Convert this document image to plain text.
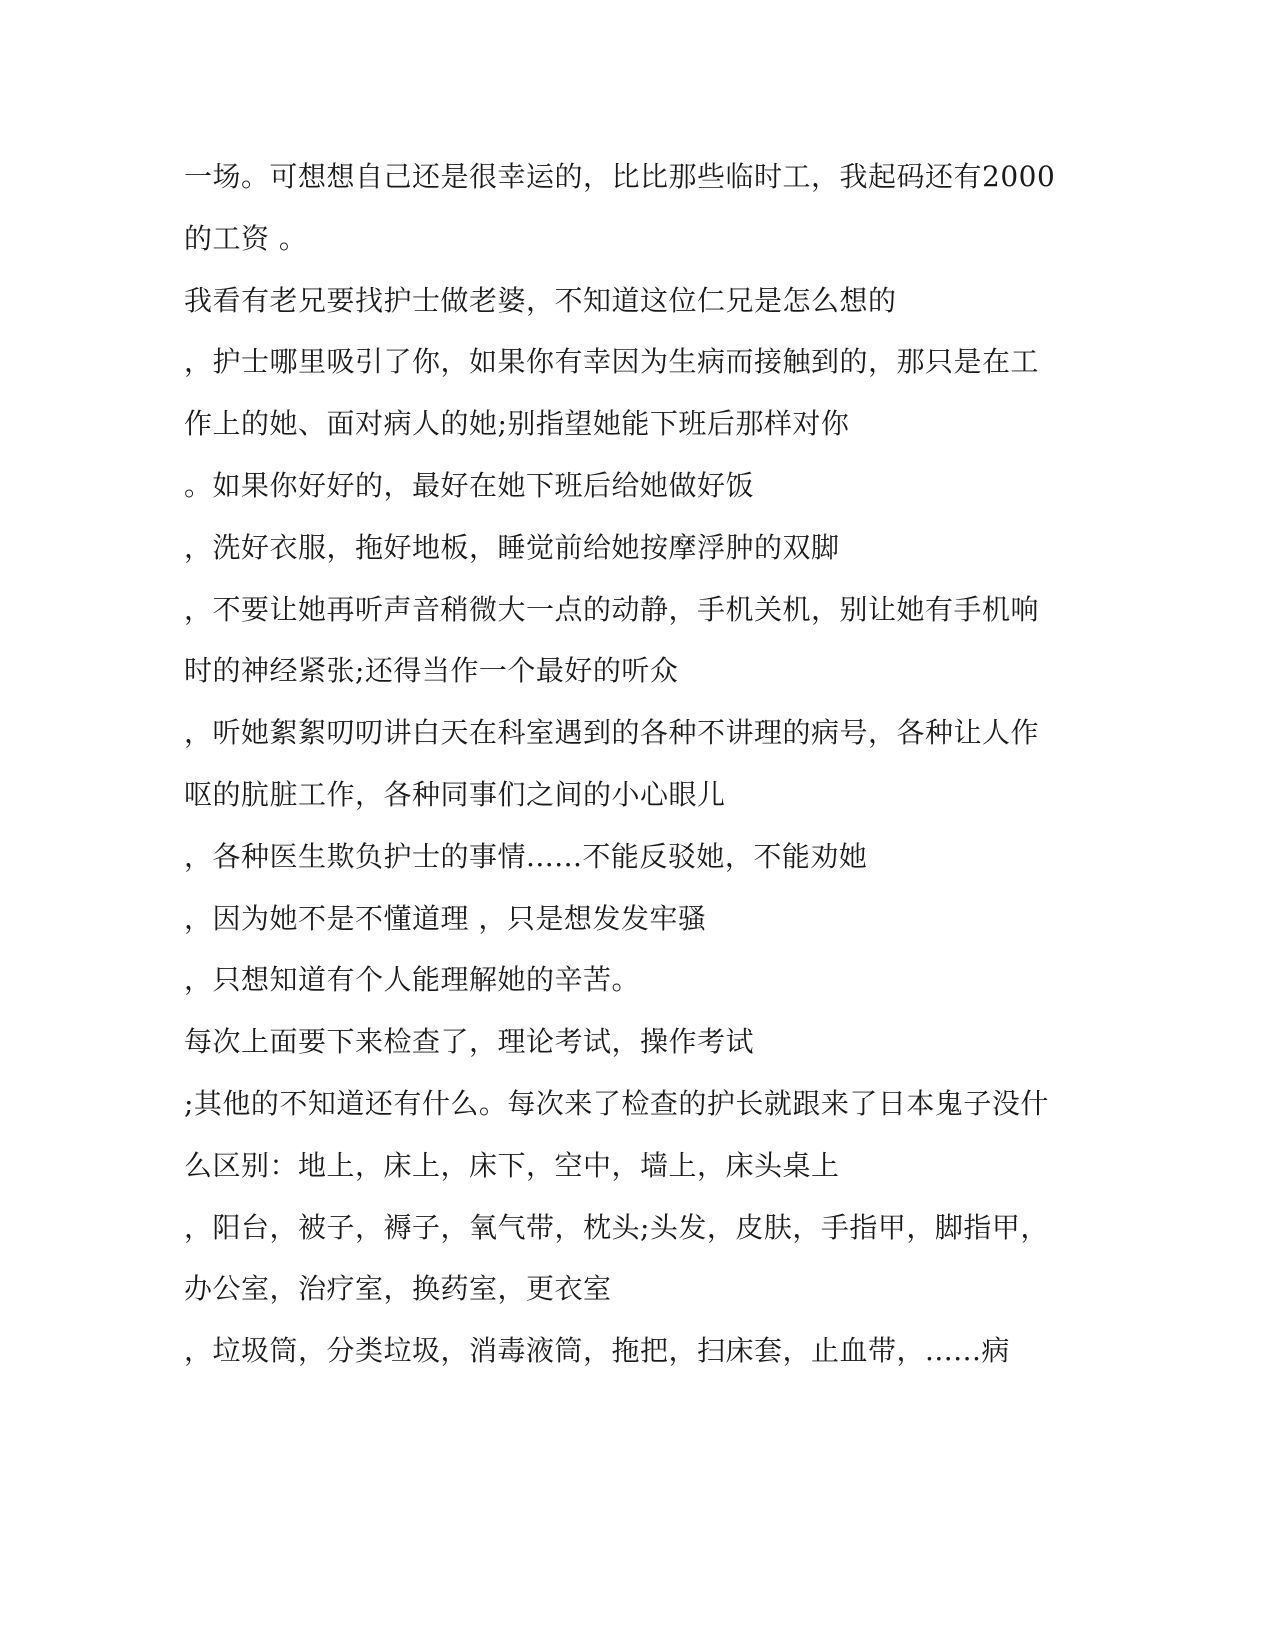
一场。可想想自己还是很幸运的，比比那些临时工，我起码还有2000
的工资 。
我看有老兄要找护士做老婆，不知道这位仁兄是怎么想的
，护士哪里吸引了你，如果你有幸因为生病而接触到的，那只是在工
作上的她、面对病人的她;别指望她能下班后那样对你
。如果你好好的，最好在她下班后给她做好饭
，洗好衣服，拖好地板，睡觉前给她按摩浮肿的双脚
，不要让她再听声音稍微大一点的动静，手机关机，别让她有手机响
时的神经紧张;还得当作一个最好的听众
，听她絮絮叨叨讲白天在科室遇到的各种不讲理的病号，各种让人作
呕的肮脏工作，各种同事们之间的小心眼儿
，各种医生欺负护士的事情......不能反驳她，不能劝她
，因为她不是不懂道理 ，只是想发发牢骚
，只想知道有个人能理解她的辛苦。
每次上面要下来检查了，理论考试，操作考试
;其他的不知道还有什么。每次来了检查的护长就跟来了日本鬼子没什
么区别：地上，床上，床下，空中，墙上，床头桌上
，阳台，被子，褥子，氧气带，枕头;头发，皮肤，手指甲，脚指甲，
办公室，治疗室，换药室，更衣室
，垃圾筒，分类垃圾，消毒液筒，拖把，扫床套，止血带，......病
